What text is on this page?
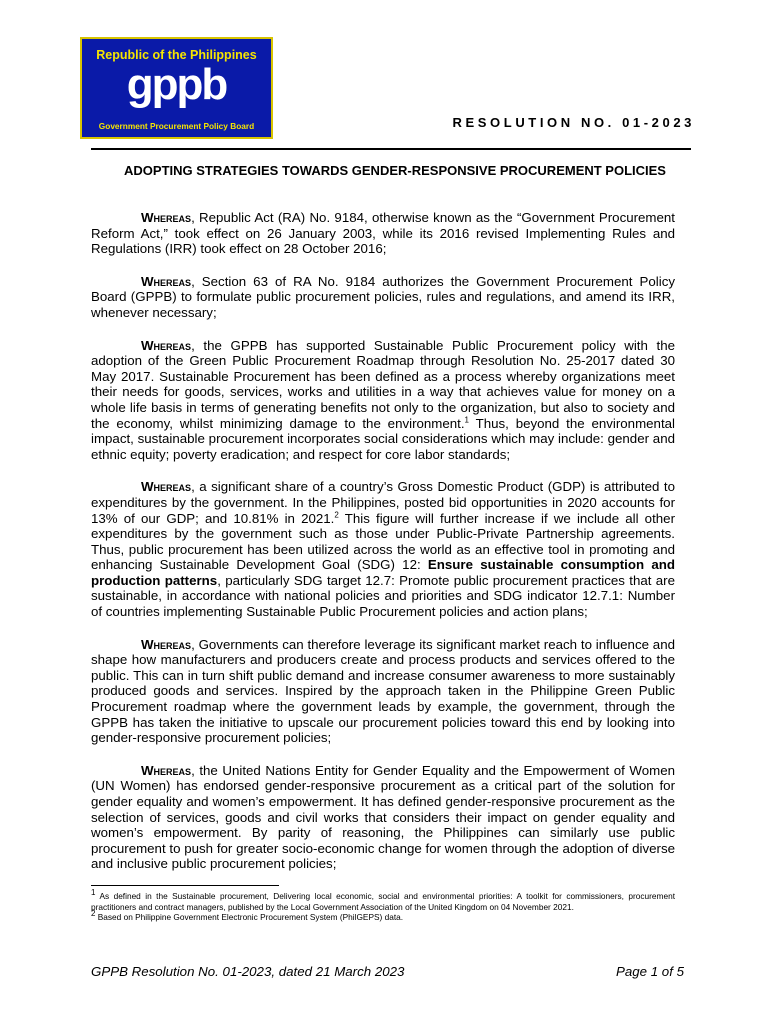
Republic of the Philippines
gppb
Government Procurement Policy Board	RESOLUTION NO. 01-2023
ADOPTING STRATEGIES TOWARDS GENDER-RESPONSIVE PROCUREMENT POLICIES

Whereas, Republic Act (RA) No. 9184, otherwise known as the “Government Procurement Reform Act,” took effect on 26 January 2003, while its 2016 revised Implementing Rules and Regulations (IRR) took effect on 28 October 2016;

Whereas, Section 63 of RA No. 9184 authorizes the Government Procurement Policy Board (GPPB) to formulate public procurement policies, rules and regulations, and amend its IRR, whenever necessary;

Whereas, the GPPB has supported Sustainable Public Procurement policy with the adoption of the Green Public Procurement Roadmap through Resolution No. 25-2017 dated 30 May 2017. Sustainable Procurement has been defined as a process whereby organizations meet their needs for goods, services, works and utilities in a way that achieves value for money on a whole life basis in terms of generating benefits not only to the organization, but also to society and the economy, whilst minimizing damage to the environment.$^1$ Thus, beyond the environmental impact, sustainable procurement incorporates social considerations which may include: gender and ethnic equity; poverty eradication; and respect for core labor standards;

Whereas, a significant share of a country’s Gross Domestic Product (GDP) is attributed to expenditures by the government. In the Philippines, posted bid opportunities in 2020 accounts for 13% of our GDP; and 10.81% in 2021.$^2$ This figure will further increase if we include all other expenditures by the government such as those under Public-Private Partnership agreements. Thus, public procurement has been utilized across the world as an effective tool in promoting and enhancing Sustainable Development Goal (SDG) 12: Ensure sustainable consumption and production patterns, particularly SDG target 12.7: Promote public procurement practices that are sustainable, in accordance with national policies and priorities and SDG indicator 12.7.1: Number of countries implementing Sustainable Public Procurement policies and action plans;

Whereas, Governments can therefore leverage its significant market reach to influence and shape how manufacturers and producers create and process products and services offered to the public. This can in turn shift public demand and increase consumer awareness to more sustainably produced goods and services. Inspired by the approach taken in the Philippine Green Public Procurement roadmap where the government leads by example, the government, through the GPPB has taken the initiative to upscale our procurement policies toward this end by looking into gender-responsive procurement policies;

Whereas, the United Nations Entity for Gender Equality and the Empowerment of Women (UN Women) has endorsed gender-responsive procurement as a critical part of the solution for gender equality and women’s empowerment. It has defined gender-responsive procurement as the selection of services, goods and civil works that considers their impact on gender equality and women’s empowerment. By parity of reasoning, the Philippines can similarly use public procurement to push for greater socio-economic change for women through the adoption of diverse and inclusive public procurement policies;

$^1$ As defined in the Sustainable procurement, Delivering local economic, social and environmental priorities: A toolkit for commissioners, procurement practitioners and contract managers, published by the Local Government Association of the United Kingdom on 04 November 2021.
$^2$ Based on Philippine Government Electronic Procurement System (PhilGEPS) data.
GPPB Resolution No. 01-2023, dated 21 March 2023	Page 1 of 5
